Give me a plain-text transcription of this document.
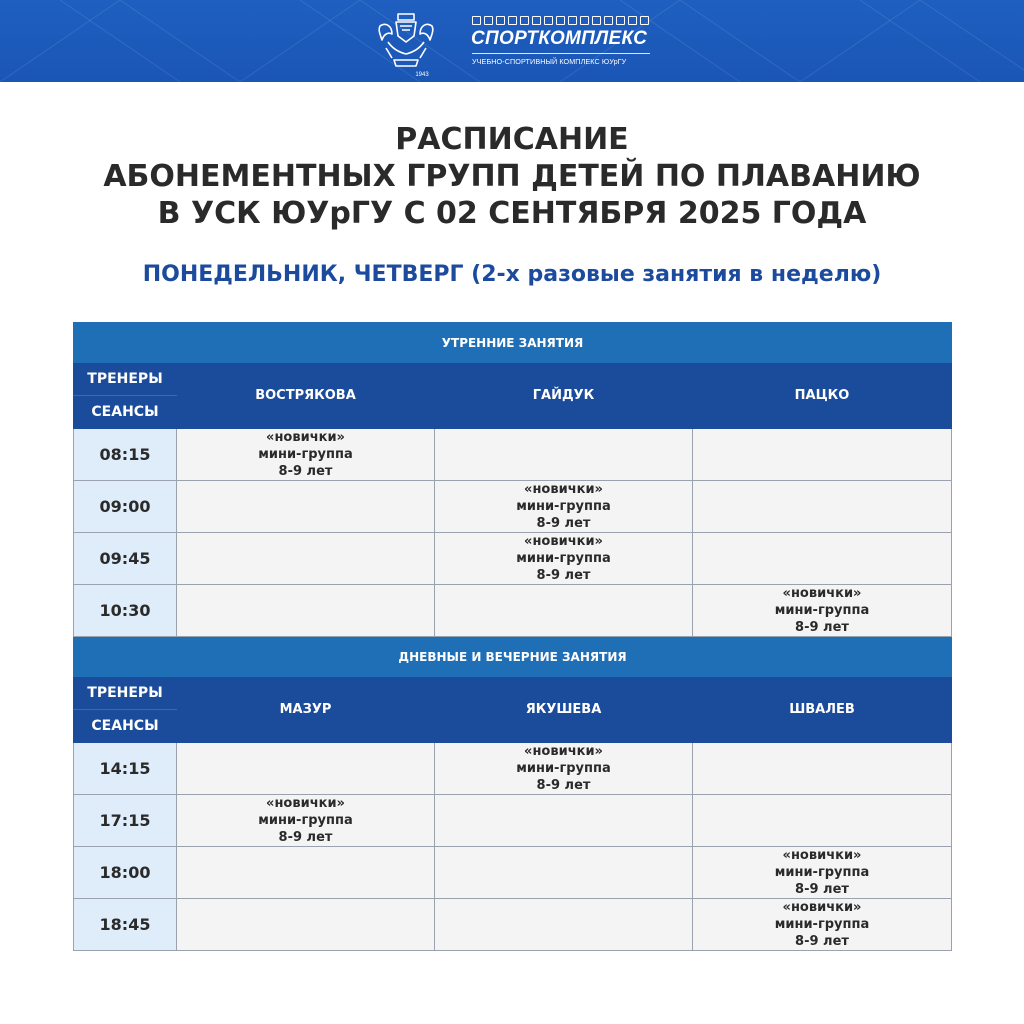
1943
СПОРТКОМПЛЕКС
УЧЕБНО-СПОРТИВНЫЙ КОМПЛЕКС ЮУрГУ
РАСПИСАНИЕ
АБОНЕМЕНТНЫХ ГРУПП ДЕТЕЙ ПО ПЛАВАНИЮ
В УСК ЮУрГУ С 02 СЕНТЯБРЯ 2025 ГОДА
ПОНЕДЕЛЬНИК, ЧЕТВЕРГ (2-х разовые занятия в неделю)
УТРЕННИЕ ЗАНЯТИЯ			
ТРЕНЕРЫ	ВОСТРЯКОВА	ГАЙДУК	ПАЦКО
СЕАНСЫ			
08:15	«новички»
мини-группа
8-9 лет		

09:00		«новички»
мини-группа
8-9 лет	

09:45		«новички»
мини-группа
8-9 лет	

10:30			«новички»
мини-группа
8-9 лет

ДНЕВНЫЕ И ВЕЧЕРНИЕ ЗАНЯТИЯ			
ТРЕНЕРЫ	МАЗУР	ЯКУШЕВА	ШВАЛЕВ
СЕАНСЫ			
14:15		«новички»
мини-группа
8-9 лет	

17:15	«новички»
мини-группа
8-9 лет		

18:00			«новички»
мини-группа
8-9 лет

18:45			«новички»
мини-группа
8-9 лет
